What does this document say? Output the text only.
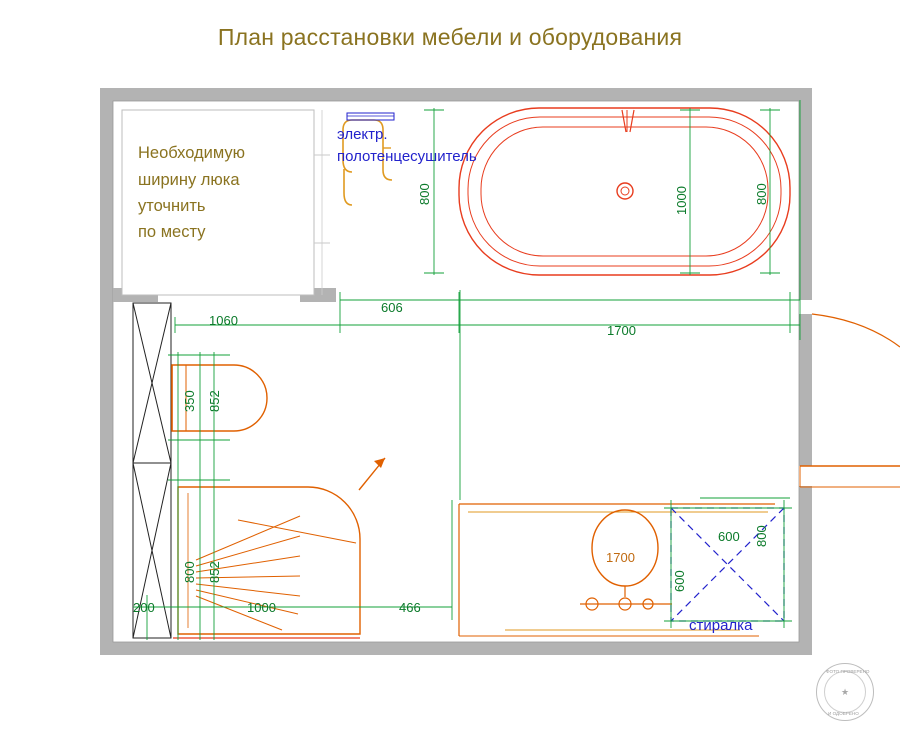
План расстановки мебели и оборудования
Необходимую
ширину люка
уточнить
по месту
электр.
полотенцесушитель
стиралка
800	1000	800
350 852
800 852	600
800
606
1700
1060
1000	466
200
600
1700
ФОТО ПРОВЕРЕНО
И ОДОБРЕНО
★
